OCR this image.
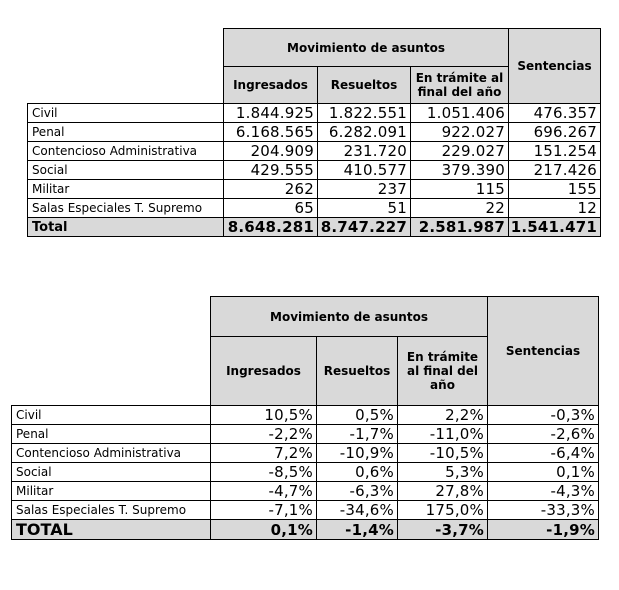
	Movimiento de asuntos			Sentencias
	Ingresados	Resueltos	En trámite al final del año	
Civil	1.844.925	1.822.551	1.051.406	476.357
Penal	6.168.565	6.282.091	922.027	696.267
Contencioso Administrativa	204.909	231.720	229.027	151.254
Social	429.555	410.577	379.390	217.426
Militar	262	237	115	155
Salas Especiales T. Supremo	65	51	22	12
Total	8.648.281	8.747.227	2.581.987	1.541.471
	Movimiento de asuntos			Sentencias
	Ingresados	Resueltos	En trámite al final del año	
Civil	10,5%	0,5%	2,2%	-0,3%
Penal	-2,2%	-1,7%	-11,0%	-2,6%
Contencioso Administrativa	7,2%	-10,9%	-10,5%	-6,4%
Social	-8,5%	0,6%	5,3%	0,1%
Militar	-4,7%	-6,3%	27,8%	-4,3%
Salas Especiales T. Supremo	-7,1%	-34,6%	175,0%	-33,3%
TOTAL	0,1%	-1,4%	-3,7%	-1,9%
